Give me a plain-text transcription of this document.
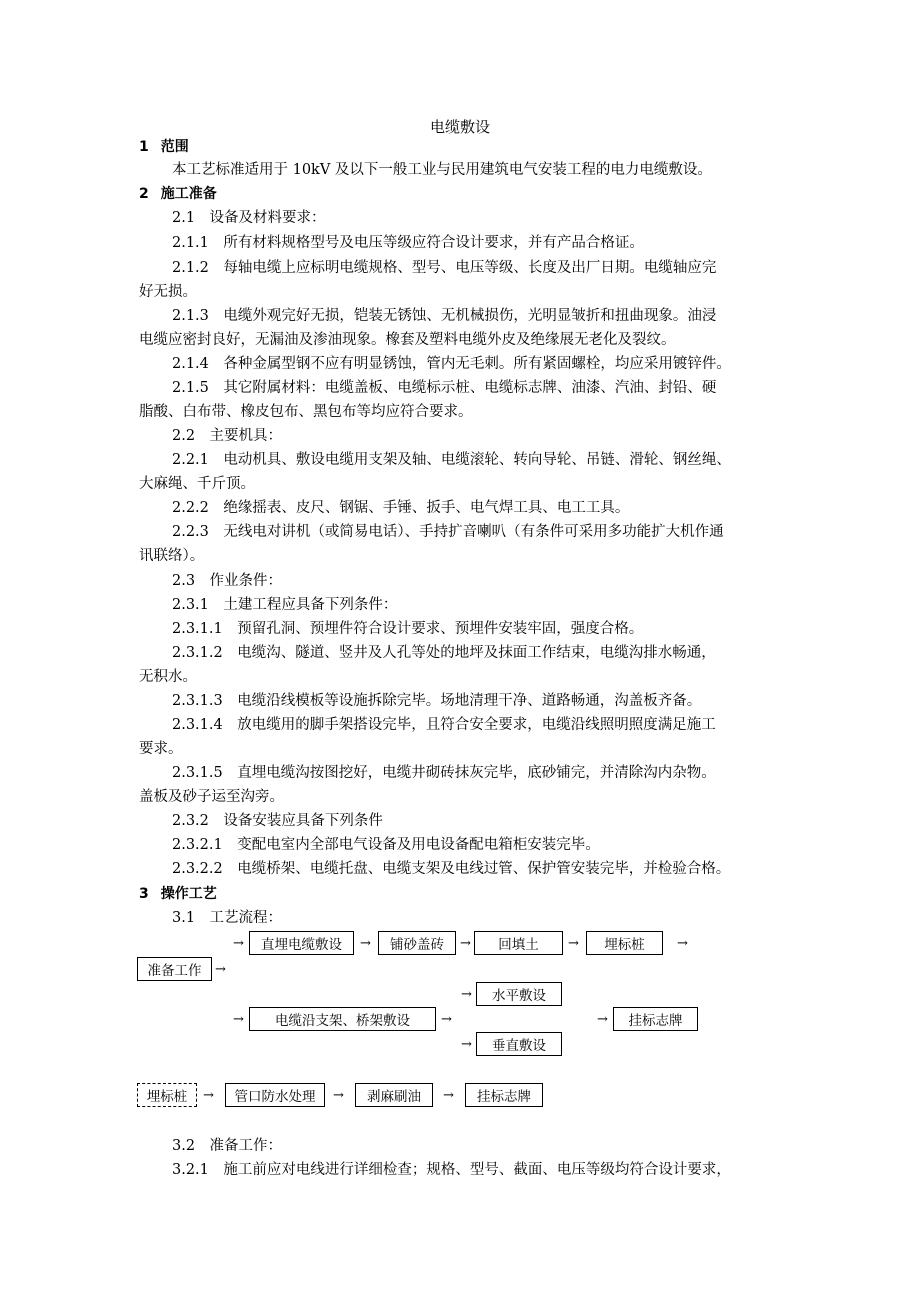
电缆敷设
1 范围
本工艺标准适用于 10kV 及以下一般工业与民用建筑电气安装工程的电力电缆敷设。
2 施工准备
2.1　设备及材料要求：
2.1.1　所有材料规格型号及电压等级应符合设计要求，并有产品合格证。
2.1.2　每轴电缆上应标明电缆规格、型号、电压等级、长度及出厂日期。电缆轴应完
好无损。
2.1.3　电缆外观完好无损，铠装无锈蚀、无机械损伤，光明显皱折和扭曲现象。油浸
电缆应密封良好，无漏油及渗油现象。橡套及塑料电缆外皮及绝缘展无老化及裂纹。
2.1.4　各种金属型钢不应有明显锈蚀，管内无毛刺。所有紧固螺栓，均应采用镀锌件。
2.1.5　其它附属材料：电缆盖板、电缆标示桩、电缆标志牌、油漆、汽油、封铅、硬
脂酸、白布带、橡皮包布、黑包布等均应符合要求。
2.2　主要机具：
2.2.1　电动机具、敷设电缆用支架及轴、电缆滚轮、转向导轮、吊链、滑轮、钢丝绳、
大麻绳、千斤顶。
2.2.2　绝缘摇表、皮尺、钢锯、手锤、扳手、电气焊工具、电工工具。
2.2.3　无线电对讲机（或简易电话）、手持扩音喇叭（有条件可采用多功能扩大机作通
讯联络）。
2.3　作业条件：
2.3.1　土建工程应具备下列条件：
2.3.1.1　预留孔洞、预埋件符合设计要求、预埋件安装牢固，强度合格。
2.3.1.2　电缆沟、隧道、竖井及人孔等处的地坪及抹面工作结束，电缆沟排水畅通，
无积水。
2.3.1.3　电缆沿线模板等设施拆除完毕。场地清理干净、道路畅通，沟盖板齐备。
2.3.1.4　放电缆用的脚手架搭设完毕，且符合安全要求，电缆沿线照明照度满足施工
要求。
2.3.1.5　直埋电缆沟按图挖好，电缆井砌砖抹灰完毕，底砂铺完，并清除沟内杂物。
盖板及砂子运至沟旁。
2.3.2　设备安装应具备下列条件
2.3.2.1　变配电室内全部电气设备及用电设备配电箱柜安装完毕。
2.3.2.2　电缆桥架、电缆托盘、电缆支架及电线过管、保护管安装完毕，并检验合格。
3 操作工艺
3.1　工艺流程：
→	直埋电缆敷设	→	铺砂盖砖	→	回填土	→	埋标桩	→
准备工作	→
→	水平敷设
→	电缆沿支架、桥架敷设	→	→	挂标志牌
→	垂直敷设
埋标桩	→	管口防水处理	→	剥麻刷油	→	挂标志牌
3.2　准备工作：
3.2.1　施工前应对电线进行详细检查；规格、型号、截面、电压等级均符合设计要求，
